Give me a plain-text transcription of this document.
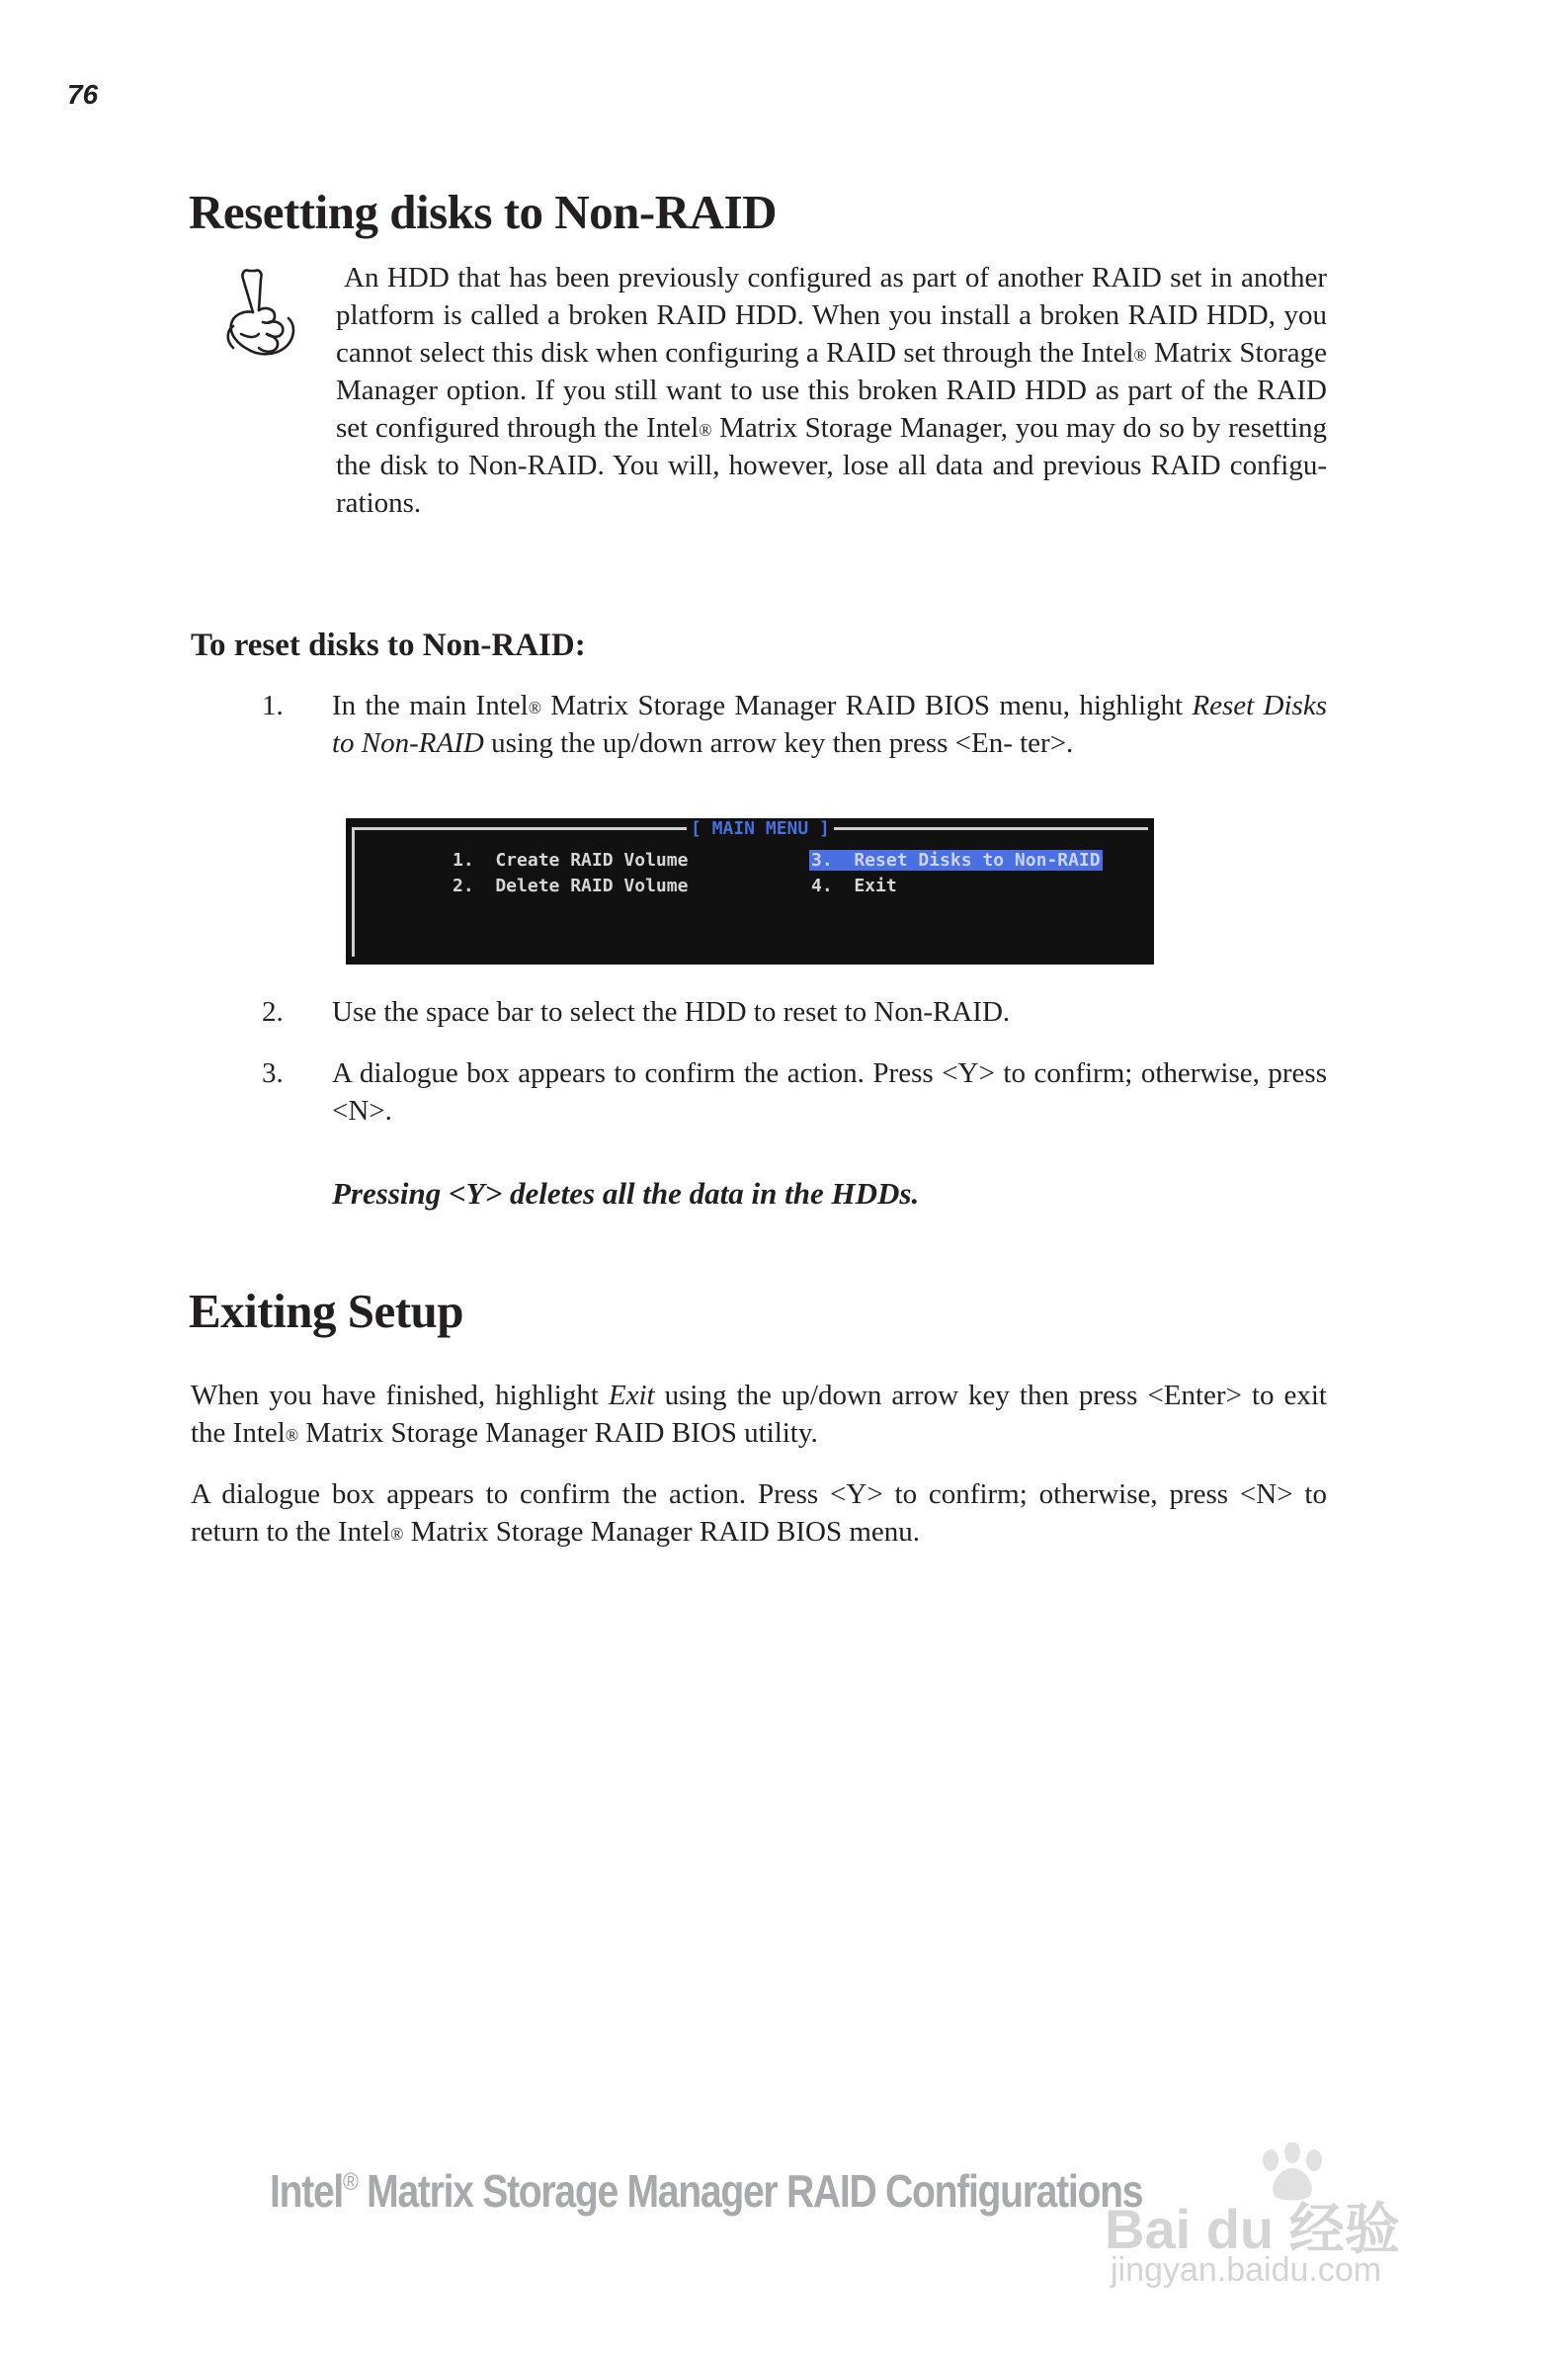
76
Resetting disks to Non-RAID

An HDD that has been previously configured as part of another RAID set in another platform is called a broken RAID HDD. When you install a broken RAID HDD, you cannot select this disk when configuring a RAID set through the Intel® Matrix Storage Manager option. If you still want to use this broken RAID HDD as part of the RAID set configured through the Intel® Matrix Storage Manager, you may do so by resetting the disk to Non-RAID. You will, however, lose all data and previous RAID configu- rations.

To reset disks to Non-RAID:

1. In the main Intel® Matrix Storage Manager RAID BIOS menu, highlight Reset Disks to Non-RAID using the up/down arrow key then press <En- ter>.

[ MAIN MENU ]
1.  Create RAID Volume
2.  Delete RAID Volume
3.  Reset Disks to Non-RAID
4.  Exit
2. Use the space bar to select the HDD to reset to Non-RAID.

3. A dialogue box appears to confirm the action. Press <Y> to confirm; otherwise, press <N>.

Pressing <Y> deletes all the data in the HDDs.
Exiting Setup

When you have finished, highlight Exit using the up/down arrow key then press <Enter> to exit the Intel® Matrix Storage Manager RAID BIOS utility.

A dialogue box appears to confirm the action. Press <Y> to confirm; otherwise, press <N> to return to the Intel® Matrix Storage Manager RAID BIOS menu.

Intel® Matrix Storage Manager RAID Configurations
Bai du 经验
jingyan.baidu.com
